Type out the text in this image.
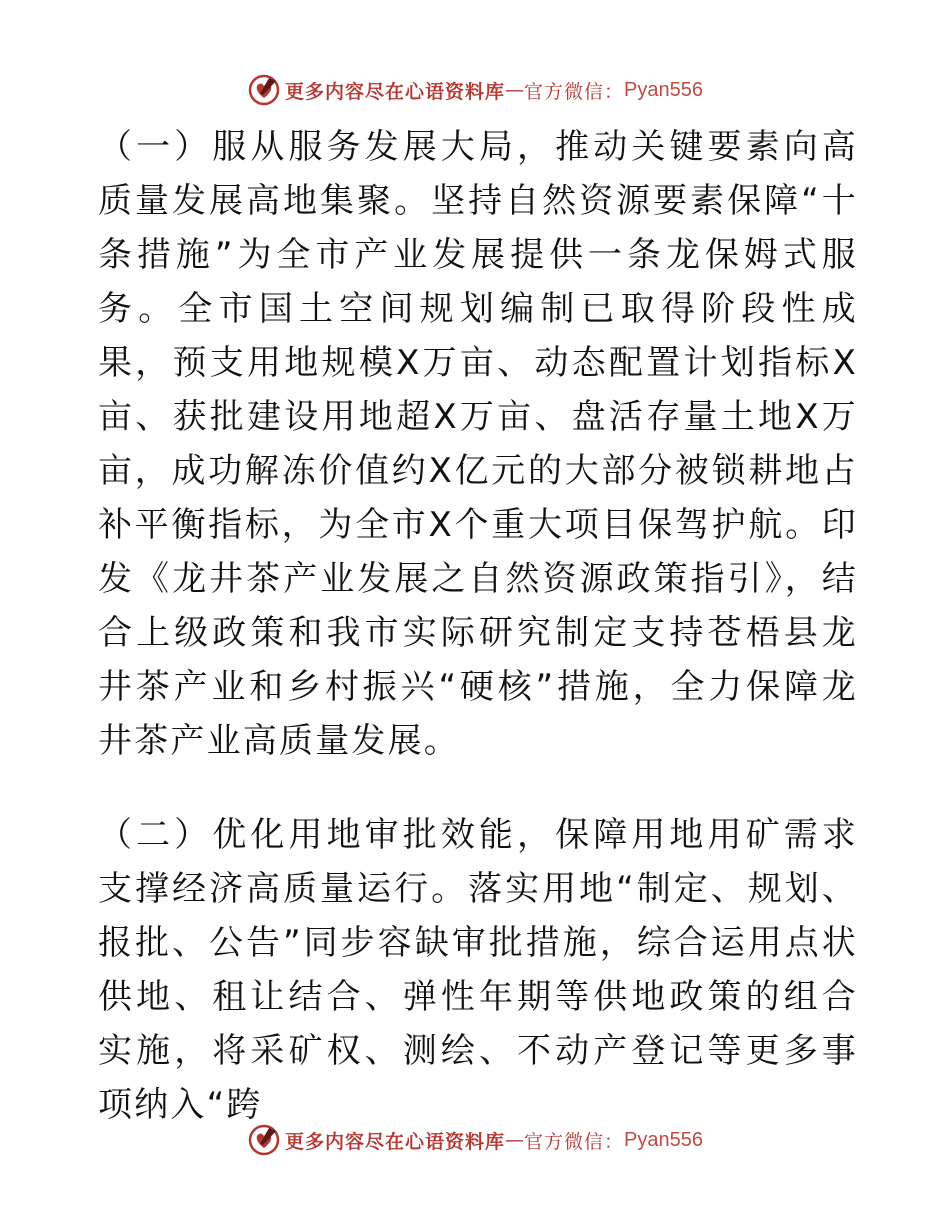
更多内容尽在心语资料库 — 官方微信： Pyan556

（一）服从服务发展大局，推动关键要素向高质量发展高地集聚。坚持自然资源要素保障“十条措施”为全市产业发展提供一条龙保姆式服务。全市国土空间规划编制已取得阶段性成果，预支用地规模X万亩、动态配置计划指标X亩、获批建设用地超X万亩、盘活存量土地X万亩，成功解冻价值约X亿元的大部分被锁耕地占补平衡指标，为全市X个重大项目保驾护航。印发《龙井茶产业发展之自然资源政策指引》，结合上级政策和我市实际研究制定支持苍梧县龙井茶产业和乡村振兴“硬核”措施，全力保障龙井茶产业高质量发展。

（二）优化用地审批效能，保障用地用矿需求支撑经济高质量运行。落实用地“制定、规划、报批、公告”同步容缺审批措施，综合运用点状供地、租让结合、弹性年期等供地政策的组合实施，将采矿权、测绘、不动产登记等更多事项纳入“跨

更多内容尽在心语资料库 — 官方微信： Pyan556
